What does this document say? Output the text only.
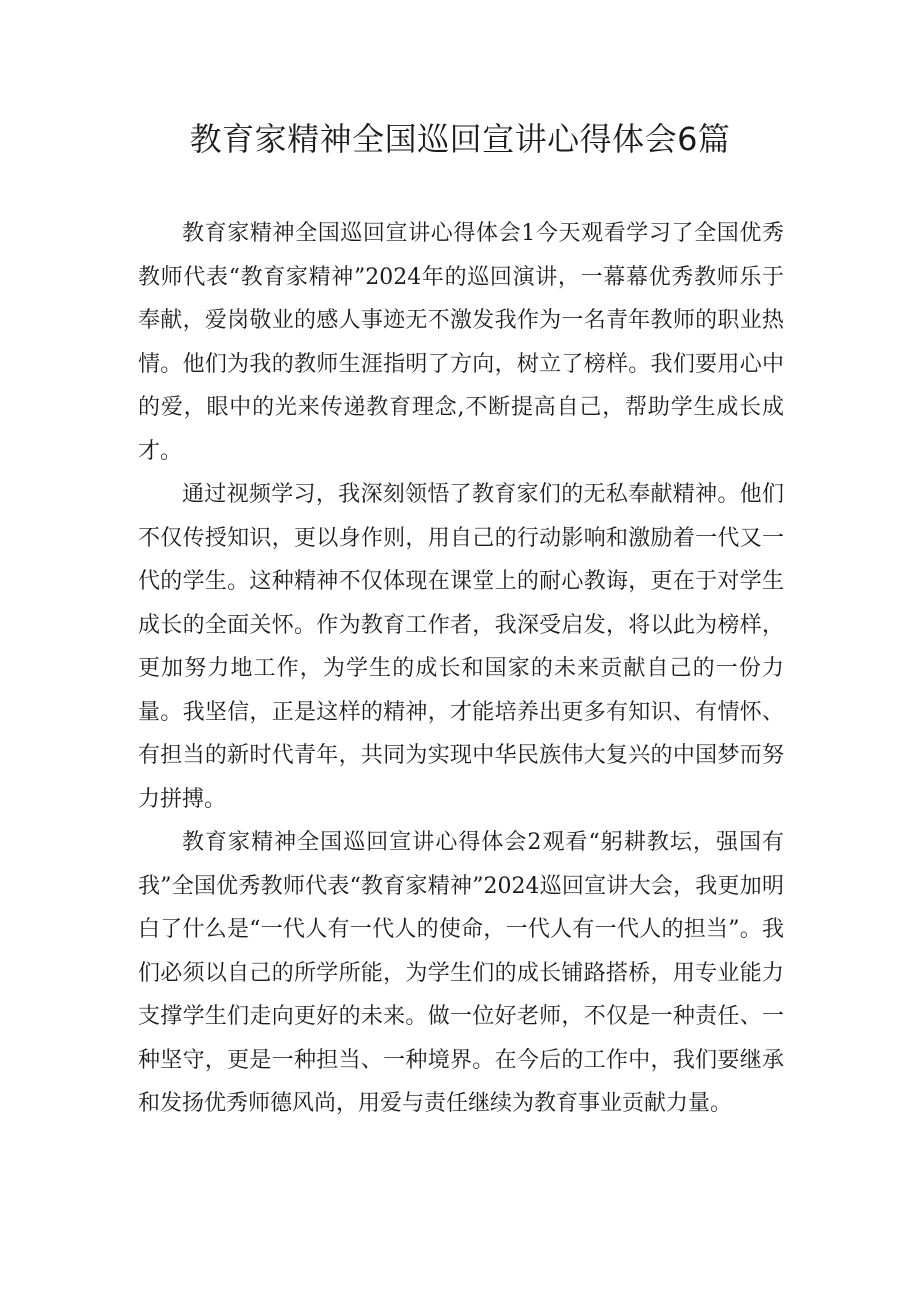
教育家精神全国巡回宣讲心得体会6篇

教育家精神全国巡回宣讲心得体会1今天观看学习了全国优秀教师代表“教育家精神”2024年的巡回演讲，一幕幕优秀教师乐于奉献，爱岗敬业的感人事迹无不激发我作为一名青年教师的职业热情。他们为我的教师生涯指明了方向，树立了榜样。我们要用心中的爱，眼中的光来传递教育理念,不断提高自己，帮助学生成长成才。

通过视频学习，我深刻领悟了教育家们的无私奉献精神。他们不仅传授知识，更以身作则，用自己的行动影响和激励着一代又一代的学生。这种精神不仅体现在课堂上的耐心教诲，更在于对学生成长的全面关怀。作为教育工作者，我深受启发，将以此为榜样，更加努力地工作，为学生的成长和国家的未来贡献自己的一份力量。我坚信，正是这样的精神，才能培养出更多有知识、有情怀、有担当的新时代青年，共同为实现中华民族伟大复兴的中国梦而努力拼搏。

教育家精神全国巡回宣讲心得体会2观看“躬耕教坛，强国有我”全国优秀教师代表“教育家精神”2024巡回宣讲大会，我更加明白了什么是“一代人有一代人的使命，一代人有一代人的担当”。我们必须以自己的所学所能，为学生们的成长铺路搭桥，用专业能力支撑学生们走向更好的未来。做一位好老师，不仅是一种责任、一种坚守，更是一种担当、一种境界。在今后的工作中，我们要继承和发扬优秀师德风尚，用爱与责任继续为教育事业贡献力量。
